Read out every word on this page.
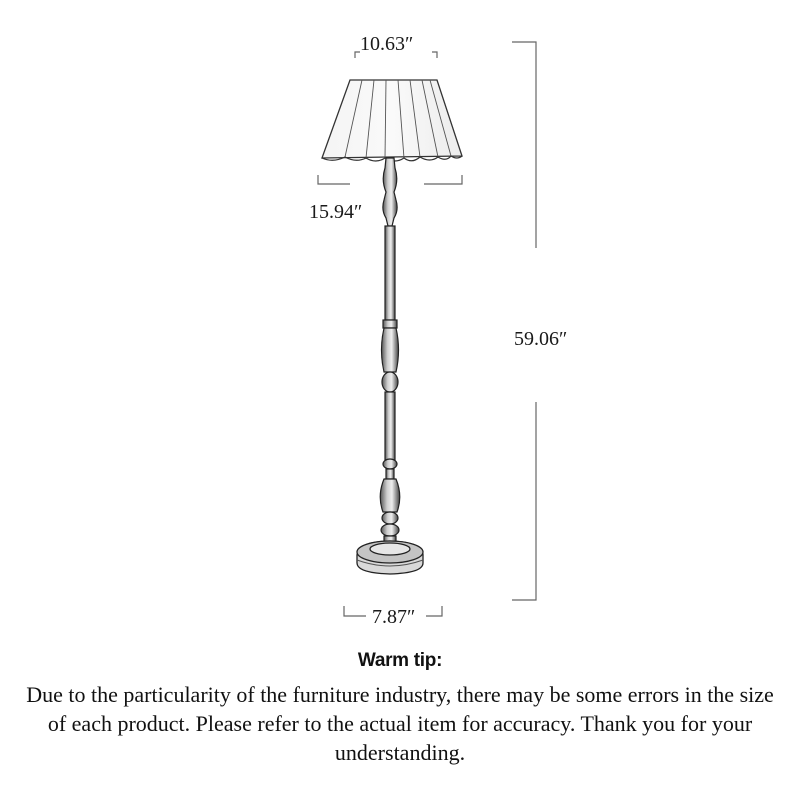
10.63″
15.94″
59.06″
7.87″
Warm tip:
Due to the particularity of the furniture industry, there may be some errors in the size of each product. Please refer to the actual item for accuracy. Thank you for your understanding.
